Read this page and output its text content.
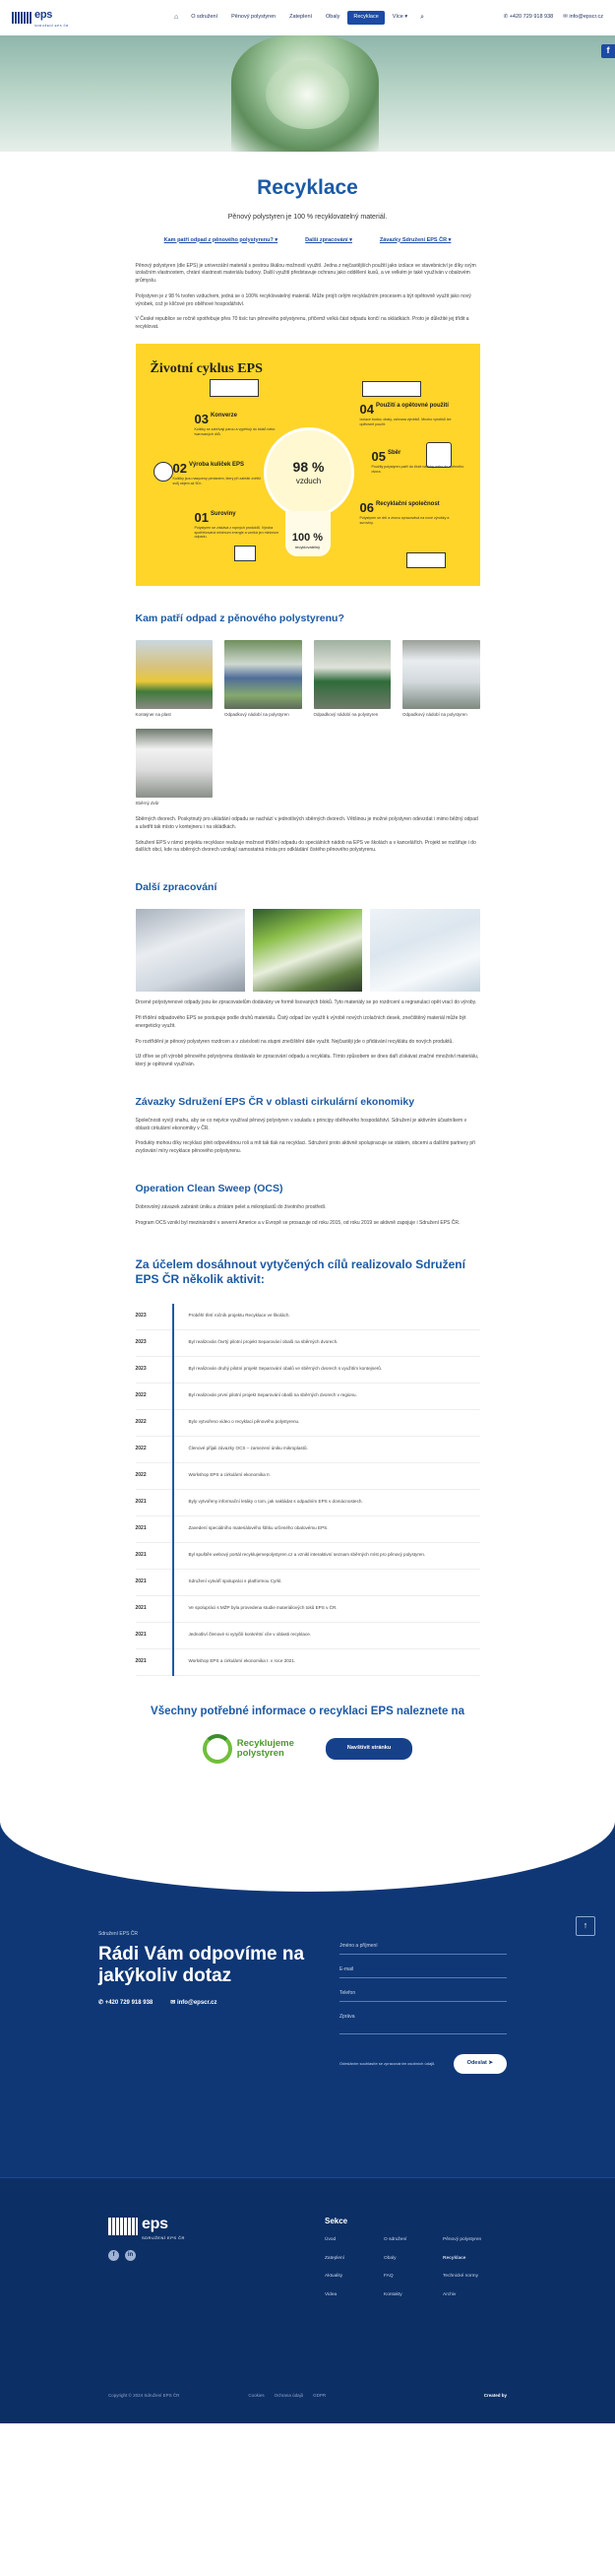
eps
SDRUŽENÍ EPS ČR
⌂	O sdružení	Pěnový polystyren	Zateplení	Obaly	Recyklace	Více ▾	⌕	✆ +420 729 918 938 ✉ info@epscr.cz
f
Recyklace

Pěnový polystyren je 100 % recyklovatelný materiál.

Kam patří odpad z pěnového polystyrenu? ▾	Další zpracování ▾	Závazky Sdružení EPS ČR ▾

Pěnový polystyren (dle EPS) je univerzální materiál s pestrou škálou možností využití. Jedna z nejčastějších použití jako izolace ve stavebnictví je díky svým izolačním vlastnostem, chrání vlastnosti materiálu budovy. Další využití představuje ochranu jako oddělení kusů, a ve velkém je také využíván v obalovém průmyslu.

Polystyren je z 98 % tvořen vzduchem, jedná se o 100% recyklovatelný materiál. Může projít celým recyklačním procesem a být opětovně využit jako nový výrobek, což je klíčové pro oběhové hospodářství.

V České republice se ročně spotřebuje přes 70 tisíc tun pěnového polystyrenu, přičemž velká část odpadu končí na skládkách. Proto je důležité jej třídit a recyklovat.

Životní cyklus EPS
98 %
vzduch
100 %
recyklovatelný
01 Suroviny
Polystyren se získává z ropných produktů. Výroba spotřebovává minimum energie a vzniká jen minimum odpadu.
02 Výroba kuliček EPS
Kuličky jsou nasyceny pentanem, který při zahřátí zvětší svůj objem až 50×.
03 Konverze
Kuličky se zahřívají párou a vypěňují do bloků nebo tvarovaných dílů.
04 Použití a opětovné použití
Izolace budov, obaly, ochrana výrobků. Mnoho výrobků lze opětovně použít.
05 Sběr
Použitý polystyren patří do žluté nádoby nebo do sběrného dvora.
06 Recyklační společnost
Polystyren se drtí a znovu zpracovává na nové výrobky a suroviny.
Kam patří odpad z pěnového polystyrenu?
Kontejner na plast	Odpadkový nádobí na polystyren	Odpadkový nádobí na polystyren	Odpadkový nádobí na polystyren
Sběrný dvůr

Sběrných dvorech. Poskytnutý pro ukládání odpadu se nachází v jednotlivých sběrných dvorech. Většinou je možné polystyren odevzdat i mimo běžný odpad a ušetřit tak místo v kontejneru i na skládkách.

Sdružení EPS v rámci projektu recyklace realizuje možnost třídění odpadu do speciálních nádob na EPS ve školách a v kancelářích. Projekt se rozšiřuje i do dalších obcí, kde na sběrných dvorech vznikají samostatná místa pro odkládání čistého pěnového polystyrenu.

Další zpracování

Drcené polystyrenové odpady jsou ke zpracovatelům dodávány ve formě lisovaných bloků. Tyto materiály se po rozdrcení a regranulaci opět vrací do výroby.

Při třídění odpadového EPS se postupuje podle druhů materiálu. Čistý odpad lze využít k výrobě nových izolačních desek, znečištěný materiál může být energeticky využit.

Po roztřídění je pěnový polystyren rozdrcen a v závislosti na stupni znečištění dále využit. Nejčastěji jde o přidávání recyklátu do nových produktů.

Už dříve se při výrobě pěnového polystyrenu dostávalo ke zpracování odpadu a recyklátu. Tímto způsobem se dnes daří získávat značné množství materiálu, který je opětovně využíván.

Závazky Sdružení EPS ČR v oblasti cirkulární ekonomiky

Společnosti vyvíjí snahu, aby se co nejvíce využíval pěnový polystyren v souladu s principy oběhového hospodářství. Sdružení je aktivním účastníkem v oblasti cirkulární ekonomiky v ČR.

Produkty mohou díky recyklaci plnit odpovědnou roli a mít tak tlak na recyklaci. Sdružení proto aktivně spolupracuje se státem, obcemi a dalšími partnery při zvyšování míry recyklace pěnového polystyrenu.

Operation Clean Sweep (OCS)

Dobrovolný závazek zabránit úniku a ztrátám pelet a mikroplastů do životního prostředí.

Program OCS vznikl byl mezinárodní v severní Americe a v Evropě se prosazuje od roku 2015, od roku 2019 se aktivně zapojuje i Sdružení EPS ČR.

Za účelem dosáhnout vytyčených cílů realizovalo Sdružení EPS ČR několik aktivit:
2023	Proběhl třetí ročník projektu Recyklace ve školách.
2023	Byl realizován čtvrtý pilotní projekt Separování obalů na sběrných dvorech.
2023	Byl realizován druhý pilotní projekt Separování obalů ve sběrných dvorech s využitím kontejnerů.
2022	Byl realizován první pilotní projekt Separování obalů na sběrných dvorech v regionu.
2022	Bylo vytvořeno video o recyklaci pěnového polystyrenu.
2022	Členové přijali závazky OCS – zamezení úniku mikroplastů.
2022	Workshop EPS a cirkulární ekonomika II.
2021	Byly vytvořeny informační letáky o tom, jak nakládat s odpadním EPS v domácnostech.
2021	Zavedení speciálního materiálového štítku určeného obalovému EPS.
2021	Byl spuštěn webový portál recyklujemepolystyren.cz a vznikl interaktivní seznam sběrných míst pro pěnový polystyren.
2021	Sdružení vytváří spolupráci s platformou Cyrkl.
2021	Ve spolupráci s MŽP byla provedena studie materiálových toků EPS v ČR.
2021	Jednotliví členové si vytyčili konkrétní cíle v oblasti recyklace.
2021	Workshop EPS a cirkulární ekonomika I. v roce 2021.
Všechny potřebné informace o recyklaci EPS naleznete na
Recyklujeme
polystyren	Navštívit stránku
↑
Sdružení EPS ČR
Rádi Vám odpovíme na jakýkoliv dotaz
✆ +420 729 918 938	✉ info@epscr.cz
Jméno a příjmení
E-mail
Telefon
Zpráva
Odesláním souhlasíte se zpracováním osobních údajů.	Odeslat ➤
eps
SDRUŽENÍ EPS ČR
f	in
Sekce
Úvod	O sdružení	Pěnový polystyren
Zateplení	Obaly	Recyklace
Aktuality	FAQ	Technické normy
Videa	Kontakty	Archiv
Copyright © 2024 Sdružení EPS ČR	Cookies Ochrana údajů GDPR	Created by
